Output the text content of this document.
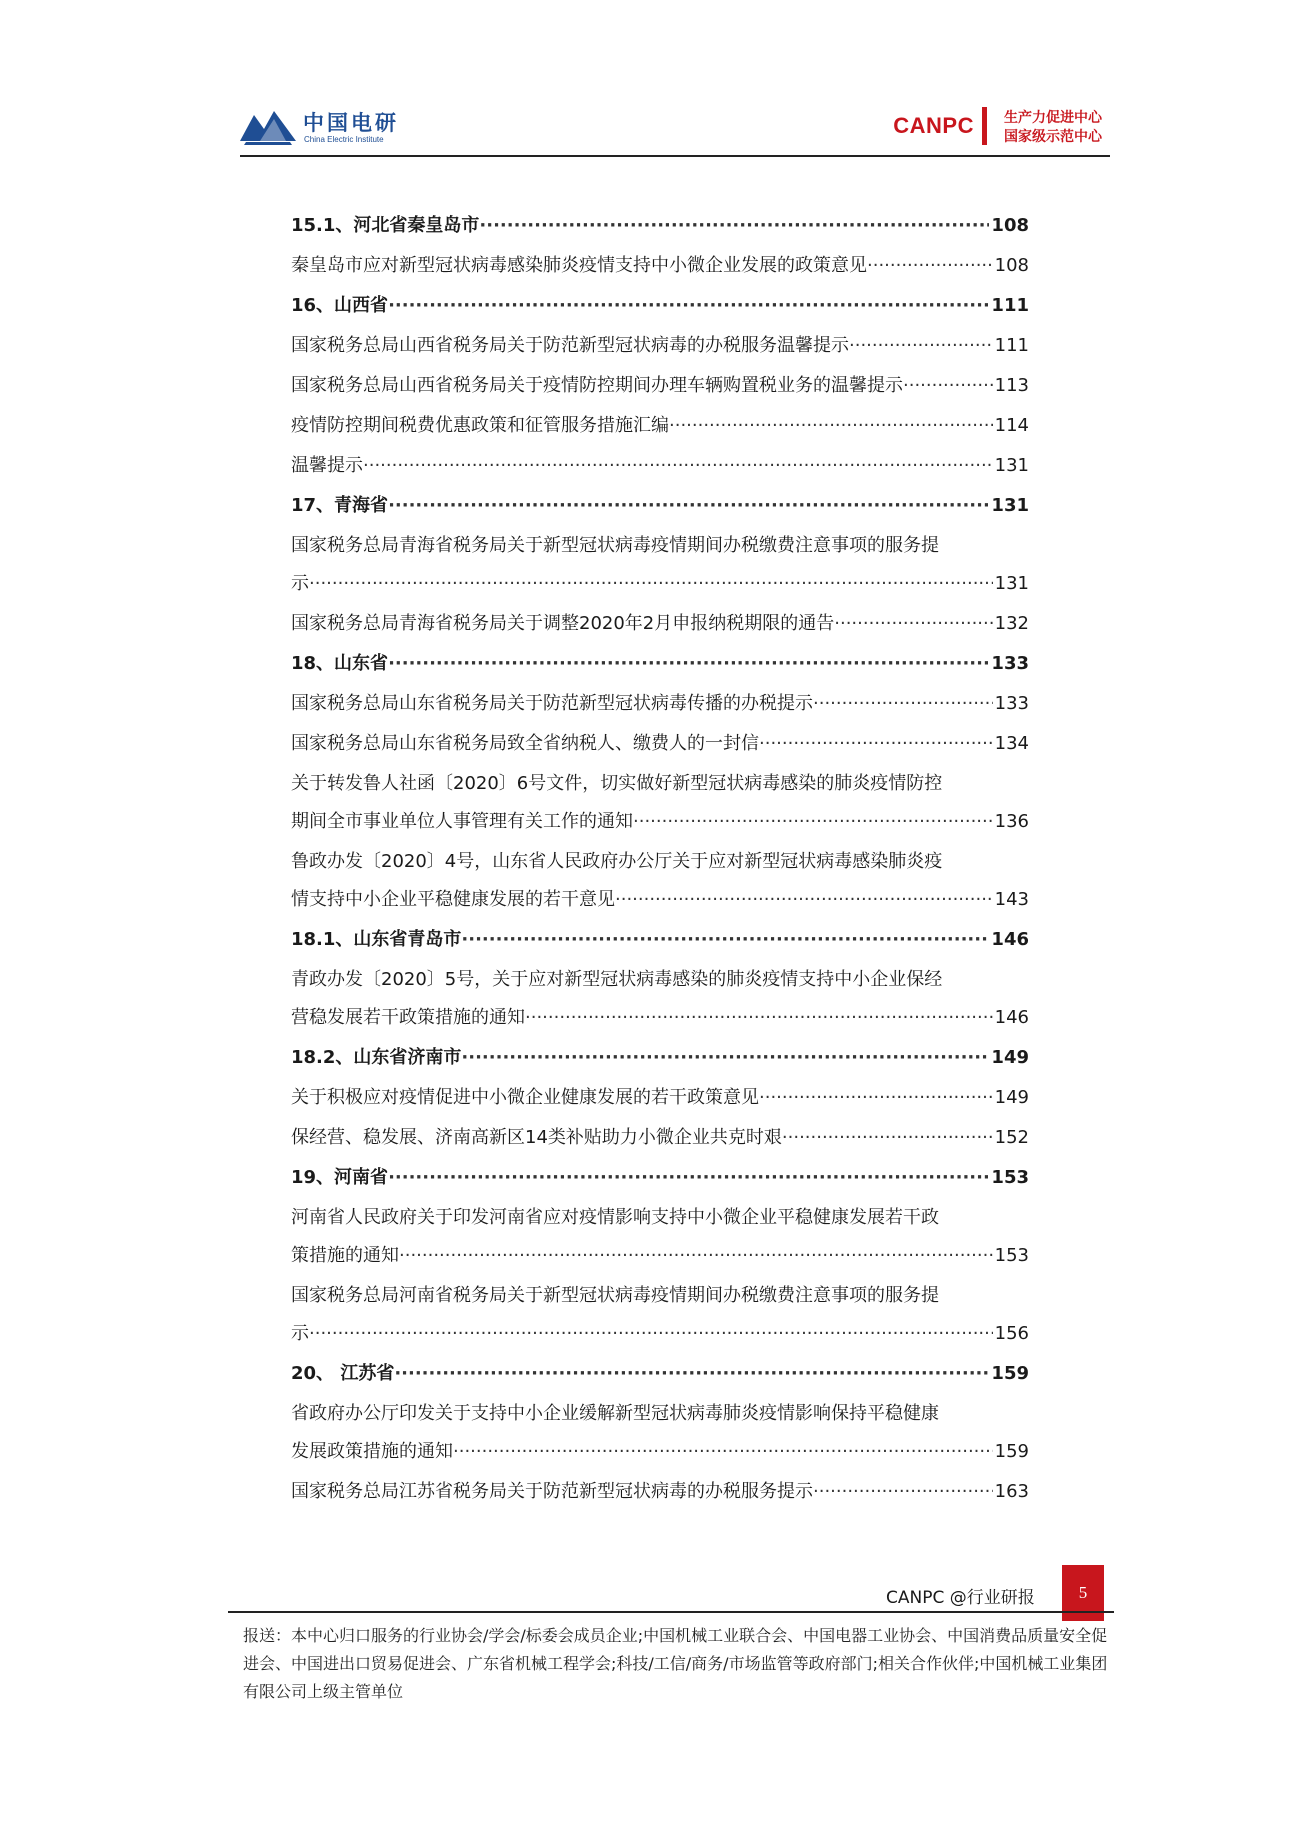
中国电研
China Electric Institute
CANPC 生产力促进中心
国家级示范中心
15.1、河北省秦皇岛市 ·····	108
秦皇岛市应对新型冠状病毒感染肺炎疫情支持中小微企业发展的政策意见 ·····	108
16、山西省 ·····	111
国家税务总局山西省税务局关于防范新型冠状病毒的办税服务温馨提示 ·····	111
国家税务总局山西省税务局关于疫情防控期间办理车辆购置税业务的温馨提示 ·····	113
疫情防控期间税费优惠政策和征管服务措施汇编 ·····	114
温馨提示 ·····	131
17、青海省 ·····	131
国家税务总局青海省税务局关于新型冠状病毒疫情期间办税缴费注意事项的服务提
示 ·····	131
国家税务总局青海省税务局关于调整2020年2月申报纳税期限的通告 ·····	132
18、山东省 ·····	133
国家税务总局山东省税务局关于防范新型冠状病毒传播的办税提示 ·····	133
国家税务总局山东省税务局致全省纳税人、缴费人的一封信 ·····	134
关于转发鲁人社函〔2020〕6号文件，切实做好新型冠状病毒感染的肺炎疫情防控
期间全市事业单位人事管理有关工作的通知 ·····	136
鲁政办发〔2020〕4号，山东省人民政府办公厅关于应对新型冠状病毒感染肺炎疫
情支持中小企业平稳健康发展的若干意见 ·····	143
18.1、山东省青岛市 ·····	146
青政办发〔2020〕5号，关于应对新型冠状病毒感染的肺炎疫情支持中小企业保经
营稳发展若干政策措施的通知 ·····	146
18.2、山东省济南市 ·····	149
关于积极应对疫情促进中小微企业健康发展的若干政策意见 ·····	149
保经营、稳发展、济南高新区14类补贴助力小微企业共克时艰 ·····	152
19、河南省 ·····	153
河南省人民政府关于印发河南省应对疫情影响支持中小微企业平稳健康发展若干政
策措施的通知 ·····	153
国家税务总局河南省税务局关于新型冠状病毒疫情期间办税缴费注意事项的服务提
示 ·····	156
20、 江苏省 ·····	159
省政府办公厅印发关于支持中小企业缓解新型冠状病毒肺炎疫情影响保持平稳健康
发展政策措施的通知 ·····	159
国家税务总局江苏省税务局关于防范新型冠状病毒的办税服务提示 ·····	163
CANPC @行业研报	5
报送：本中心归口服务的行业协会/学会/标委会成员企业;中国机械工业联合会、中国电器工业协会、中国消费品质量安全促进会、中国进出口贸易促进会、广东省机械工程学会;科技/工信/商务/市场监管等政府部门;相关合作伙伴;中国机械工业集团有限公司上级主管单位
